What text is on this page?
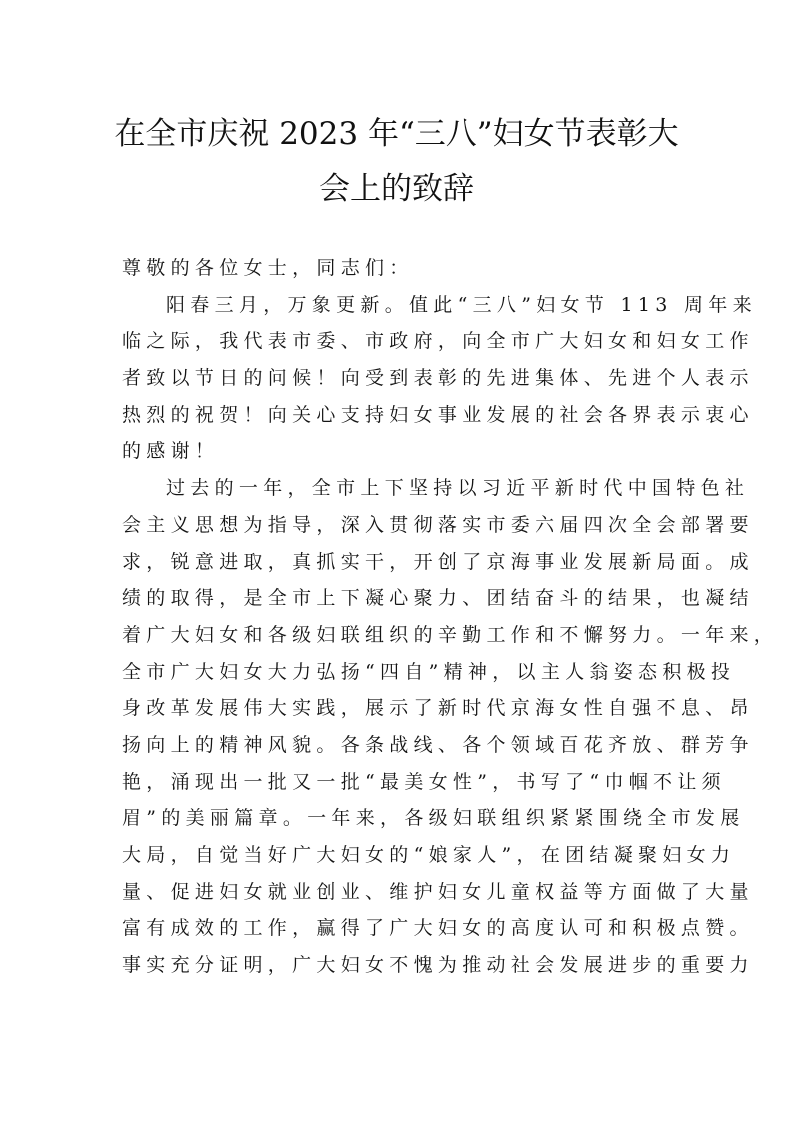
在全市庆祝 2023 年“三八”妇女节表彰大
会上的致辞
尊敬的各位女士，同志们：
阳春三月，万象更新。值此“三八”妇女节 113 周年来
临之际，我代表市委、市政府，向全市广大妇女和妇女工作
者致以节日的问候！向受到表彰的先进集体、先进个人表示
热烈的祝贺！向关心支持妇女事业发展的社会各界表示衷心
的感谢！
过去的一年，全市上下坚持以习近平新时代中国特色社
会主义思想为指导，深入贯彻落实市委六届四次全会部署要
求，锐意进取，真抓实干，开创了京海事业发展新局面。成
绩的取得，是全市上下凝心聚力、团结奋斗的结果，也凝结
着广大妇女和各级妇联组织的辛勤工作和不懈努力。一年来，
全市广大妇女大力弘扬“四自”精神，以主人翁姿态积极投
身改革发展伟大实践，展示了新时代京海女性自强不息、昂
扬向上的精神风貌。各条战线、各个领域百花齐放、群芳争
艳，涌现出一批又一批“最美女性”，书写了“巾帼不让须
眉”的美丽篇章。一年来，各级妇联组织紧紧围绕全市发展
大局，自觉当好广大妇女的“娘家人”，在团结凝聚妇女力
量、促进妇女就业创业、维护妇女儿童权益等方面做了大量
富有成效的工作，赢得了广大妇女的高度认可和积极点赞。
事实充分证明，广大妇女不愧为推动社会发展进步的重要力
